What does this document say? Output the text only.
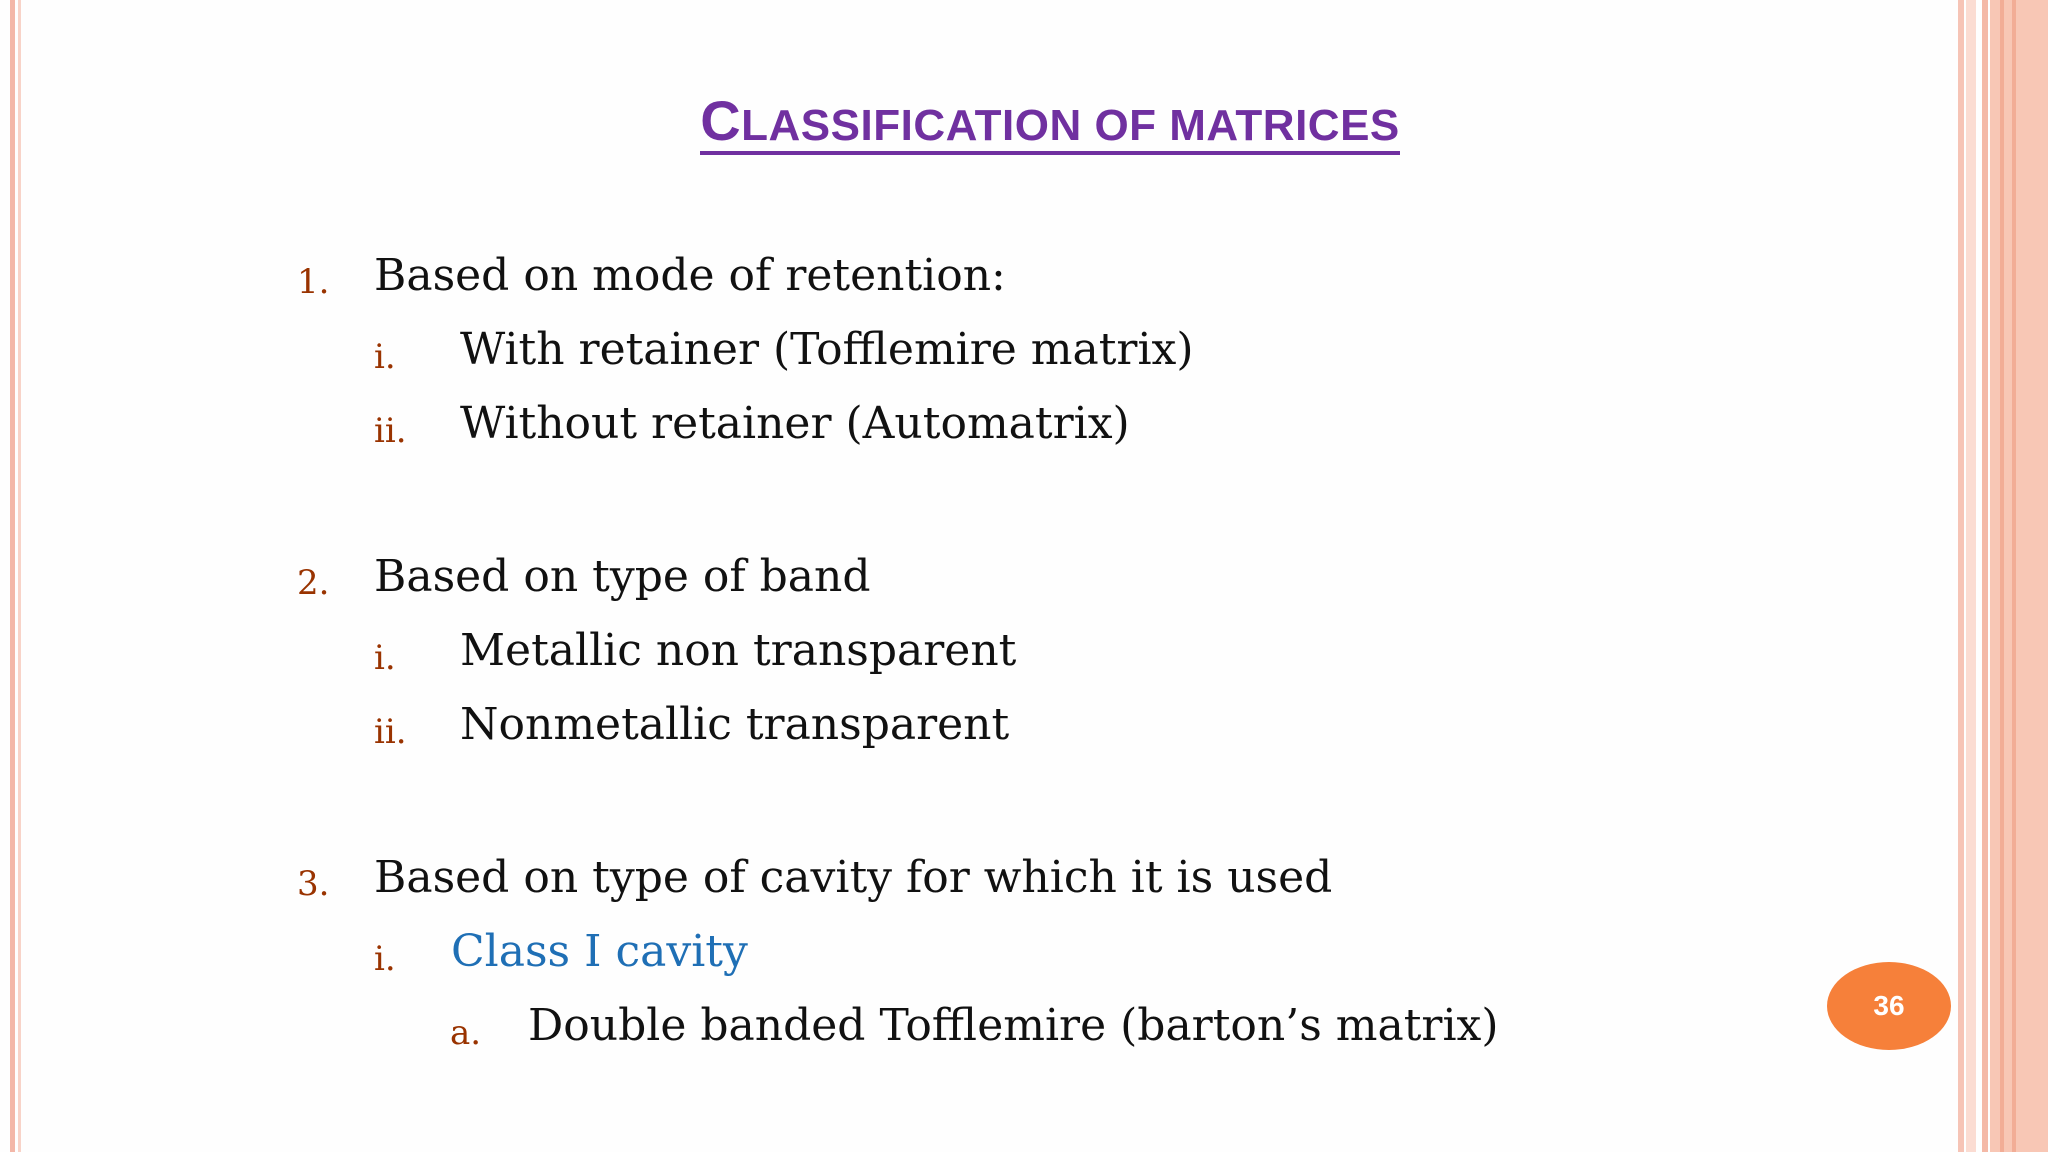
CLASSIFICATION OF MATRICES
1. Based on mode of retention:
i. With retainer (Tofflemire matrix)
ii. Without retainer (Automatrix)
2. Based on type of band
i. Metallic non transparent
ii. Nonmetallic transparent
3. Based on type of cavity for which it is used
i. Class I cavity
a. Double banded Tofflemire (barton’s matrix)	36
